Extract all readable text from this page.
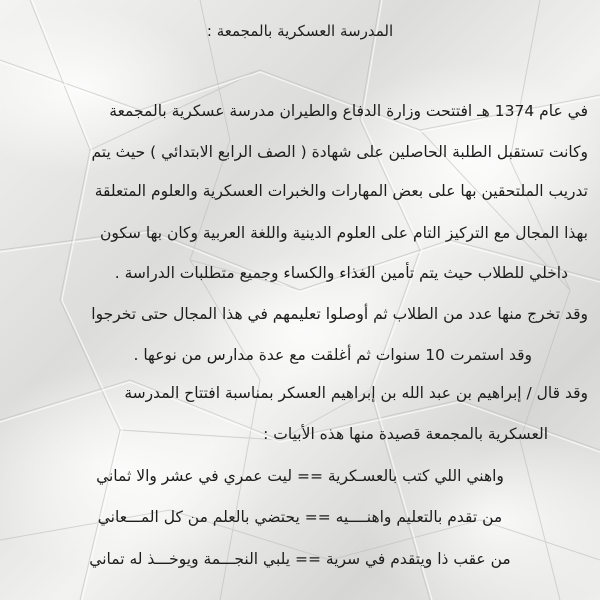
المدرسة العسكرية بالمجمعة :
في عام 1374 هـ افتتحت وزارة الدفاع والطيران مدرسة عسكرية بالمجمعة
وكانت تستقبل الطلبة الحاصلين على شهادة ( الصف الرابع الابتدائي ) حيث يتم
تدريب الملتحقين بها على بعض المهارات والخبرات العسكرية والعلوم المتعلقة
بهذا المجال مع التركيز التام على العلوم الدينية واللغة العربية وكان بها سكون
داخلي للطلاب حيث يتم تأمين الغذاء والكساء وجميع متطلبات الدراسة .
وقد تخرج منها عدد من الطلاب ثم أوصلوا تعليمهم في هذا المجال حتى تخرجوا
وقد استمرت 10 سنوات ثم أغلقت مع عدة مدارس من نوعها .
وقد قال / إبراهيم بن عبد الله بن إبراهيم العسكر بمناسبة افتتاح المدرسة
العسكرية بالمجمعة قصيدة منها هذه الأبيات :
واهني اللي كتب بالعسـكرية == ليت عمري في عشر والا ثماني
من تقدم بالتعليم واهنــــيه == يحتضي بالعلم من كل المـــعاني
من عقب ذا ويتقدم في سرية == يلبي النجـــمة ويوخـــذ له تماني
